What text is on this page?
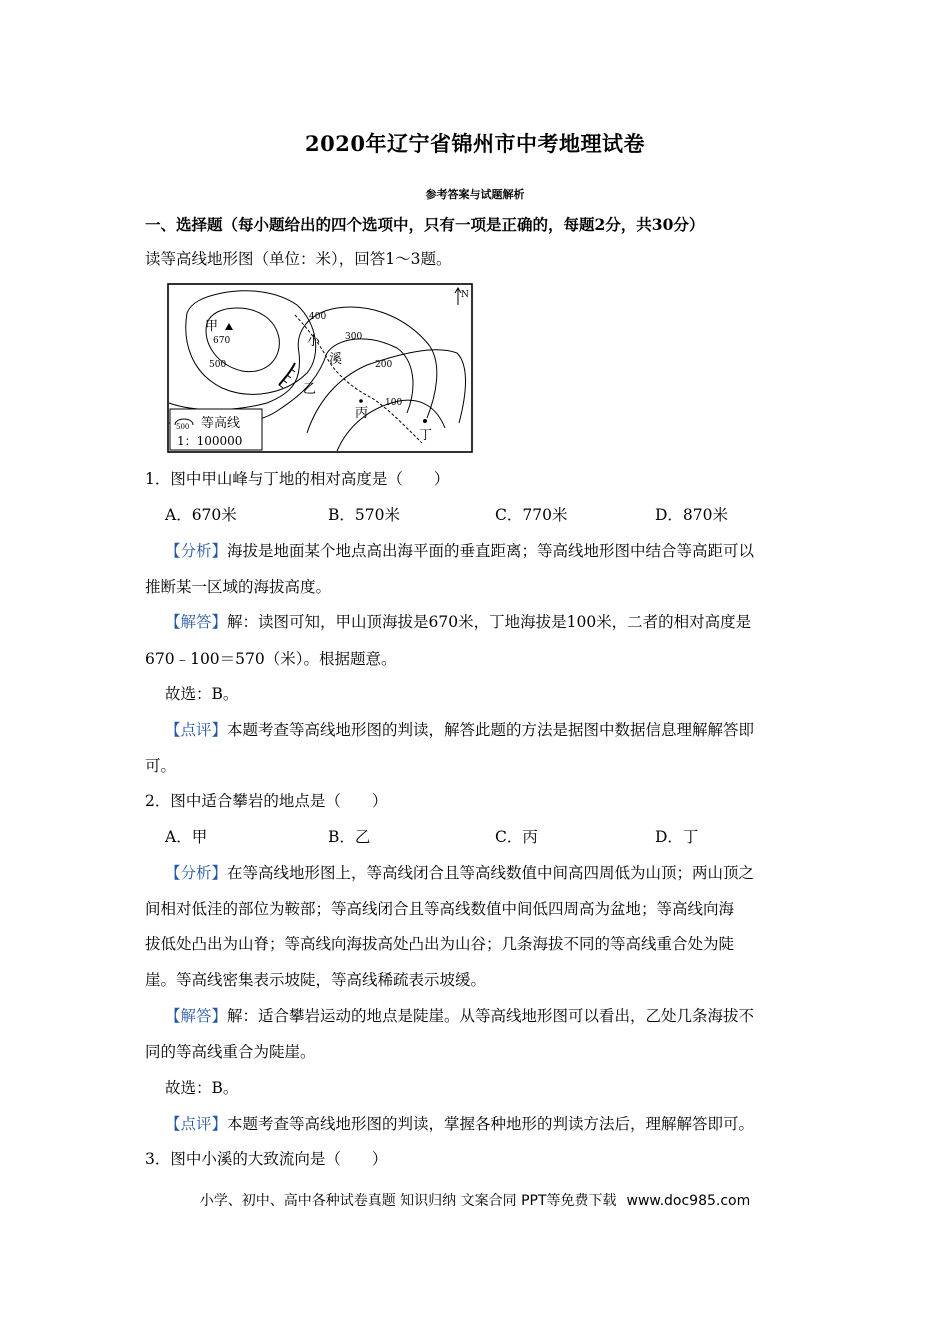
2020年辽宁省锦州市中考地理试卷
参考答案与试题解析
一、选择题（每小题给出的四个选项中，只有一项是正确的，每题2分，共30分）
读等高线地形图（单位：米），回答1～3题。
N
甲
670
500
400
300
200
100
小
溪
乙
丙
丁
500 等高线
1：100000
1．图中甲山峰与丁地的相对高度是（　　）
A．670米	B．570米	C．770米	D．870米
【分析】海拔是地面某个地点高出海平面的垂直距离；等高线地形图中结合等高距可以
推断某一区域的海拔高度。
【解答】解：读图可知，甲山顶海拔是670米，丁地海拔是100米，二者的相对高度是
670﹣100＝570（米）。根据题意。
故选：B。
【点评】本题考查等高线地形图的判读，解答此题的方法是据图中数据信息理解解答即
可。
2．图中适合攀岩的地点是（　　）
A．甲	B．乙	C．丙	D．丁
【分析】在等高线地形图上，等高线闭合且等高线数值中间高四周低为山顶；两山顶之
间相对低洼的部位为鞍部；等高线闭合且等高线数值中间低四周高为盆地；等高线向海
拔低处凸出为山脊；等高线向海拔高处凸出为山谷；几条海拔不同的等高线重合处为陡
崖。等高线密集表示坡陡，等高线稀疏表示坡缓。
【解答】解：适合攀岩运动的地点是陡崖。从等高线地形图可以看出，乙处几条海拔不
同的等高线重合为陡崖。
故选：B。
【点评】本题考查等高线地形图的判读，掌握各种地形的判读方法后，理解解答即可。
3．图中小溪的大致流向是（　　）
小学、初中、高中各种试卷真题 知识归纳 文案合同 PPT等免费下载 www.doc985.com
